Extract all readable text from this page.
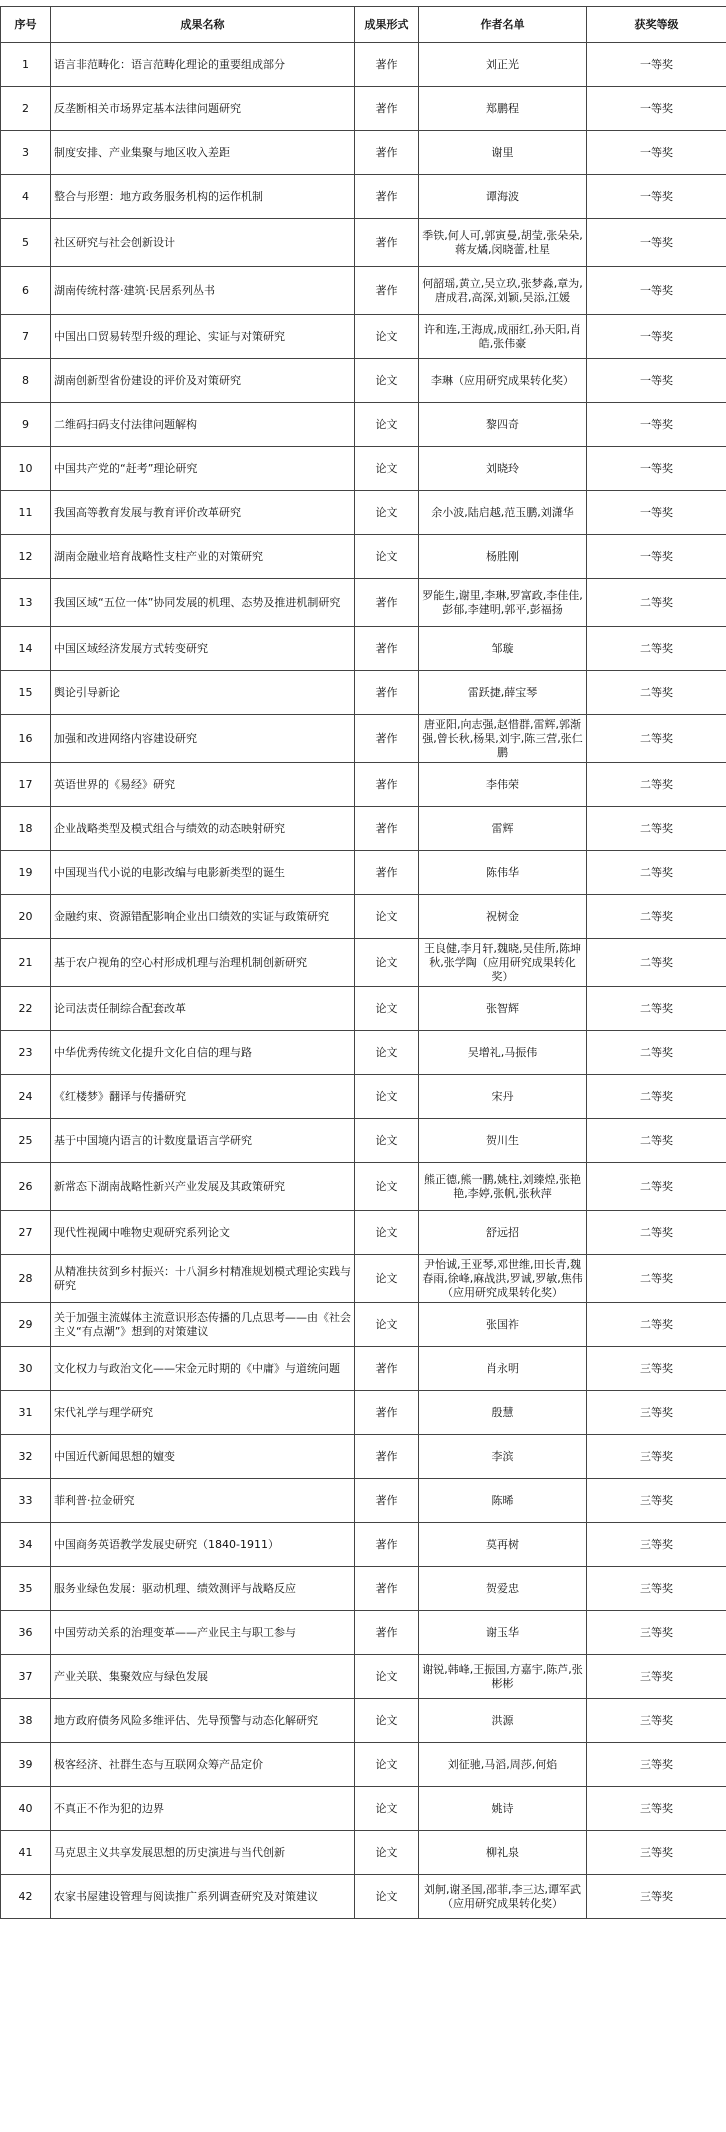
序号	成果名称	成果形式	作者名单	获奖等级
1	语言非范畴化：语言范畴化理论的重要组成部分	著作	刘正光	一等奖
2	反垄断相关市场界定基本法律问题研究	著作	郑鹏程	一等奖
3	制度安排、产业集聚与地区收入差距	著作	谢里	一等奖
4	整合与形塑：地方政务服务机构的运作机制	著作	谭海波	一等奖
5	社区研究与社会创新设计	著作	季铁,何人可,郭寅曼,胡莹,张朵朵,蒋友燏,闵晓蕾,杜星	一等奖
6	湖南传统村落·建筑·民居系列丛书	著作	何韶瑶,黄立,吴立玖,张梦淼,章为,唐成君,高深,刘颖,吴添,江媛	一等奖
7	中国出口贸易转型升级的理论、实证与对策研究	论文	许和连,王海成,成丽红,孙天阳,肖皓,张伟豪	一等奖
8	湖南创新型省份建设的评价及对策研究	论文	李琳（应用研究成果转化奖）	一等奖
9	二维码扫码支付法律问题解构	论文	黎四奇	一等奖
10	中国共产党的“赶考”理论研究	论文	刘晓玲	一等奖
11	我国高等教育发展与教育评价改革研究	论文	余小波,陆启越,范玉鹏,刘潇华	一等奖
12	湖南金融业培育战略性支柱产业的对策研究	论文	杨胜刚	一等奖
13	我国区域“五位一体”协同发展的机理、态势及推进机制研究	著作	罗能生,谢里,李琳,罗富政,李佳佳,彭郁,李建明,郭平,彭福扬	二等奖
14	中国区域经济发展方式转变研究	著作	邹璇	二等奖
15	舆论引导新论	著作	雷跃捷,薛宝琴	二等奖
16	加强和改进网络内容建设研究	著作	唐亚阳,向志强,赵惜群,雷辉,郭渐强,曾长秋,杨果,刘宇,陈三营,张仁鹏	二等奖
17	英语世界的《易经》研究	著作	李伟荣	二等奖
18	企业战略类型及模式组合与绩效的动态映射研究	著作	雷辉	二等奖
19	中国现当代小说的电影改编与电影新类型的诞生	著作	陈伟华	二等奖
20	金融约束、资源错配影响企业出口绩效的实证与政策研究	论文	祝树金	二等奖
21	基于农户视角的空心村形成机理与治理机制创新研究	论文	王良健,李月轩,魏晓,吴佳所,陈坤秋,张学陶（应用研究成果转化奖）	二等奖
22	论司法责任制综合配套改革	论文	张智辉	二等奖
23	中华优秀传统文化提升文化自信的理与路	论文	吴增礼,马振伟	二等奖
24	《红楼梦》翻译与传播研究	论文	宋丹	二等奖
25	基于中国境内语言的计数度量语言学研究	论文	贺川生	二等奖
26	新常态下湖南战略性新兴产业发展及其政策研究	论文	熊正德,熊一鹏,姚柱,刘臻煌,张艳艳,李婷,张帆,张秋萍	二等奖
27	现代性视阈中唯物史观研究系列论文	论文	舒远招	二等奖
28	从精准扶贫到乡村振兴：十八洞乡村精准规划模式理论实践与研究	论文	尹怡诚,王亚琴,邓世维,田长青,魏春雨,徐峰,麻战洪,罗诚,罗敏,焦伟（应用研究成果转化奖）	二等奖
29	关于加强主流媒体主流意识形态传播的几点思考——由《社会主义“有点潮”》想到的对策建议	论文	张国祚	二等奖
30	文化权力与政治文化——宋金元时期的《中庸》与道统问题	著作	肖永明	三等奖
31	宋代礼学与理学研究	著作	殷慧	三等奖
32	中国近代新闻思想的嬗变	著作	李滨	三等奖
33	菲利普·拉金研究	著作	陈晞	三等奖
34	中国商务英语教学发展史研究（1840-1911）	著作	莫再树	三等奖
35	服务业绿色发展：驱动机理、绩效测评与战略反应	著作	贺爱忠	三等奖
36	中国劳动关系的治理变革——产业民主与职工参与	著作	谢玉华	三等奖
37	产业关联、集聚效应与绿色发展	论文	谢锐,韩峰,王振国,方嘉宇,陈芦,张彬彬	三等奖
38	地方政府债务风险多维评估、先导预警与动态化解研究	论文	洪源	三等奖
39	极客经济、社群生态与互联网众筹产品定价	论文	刘征驰,马滔,周莎,何焰	三等奖
40	不真正不作为犯的边界	论文	姚诗	三等奖
41	马克思主义共享发展思想的历史演进与当代创新	论文	柳礼泉	三等奖
42	农家书屋建设管理与阅读推广系列调查研究及对策建议	论文	刘舸,谢圣国,邵菲,李三达,谭军武（应用研究成果转化奖）	三等奖
